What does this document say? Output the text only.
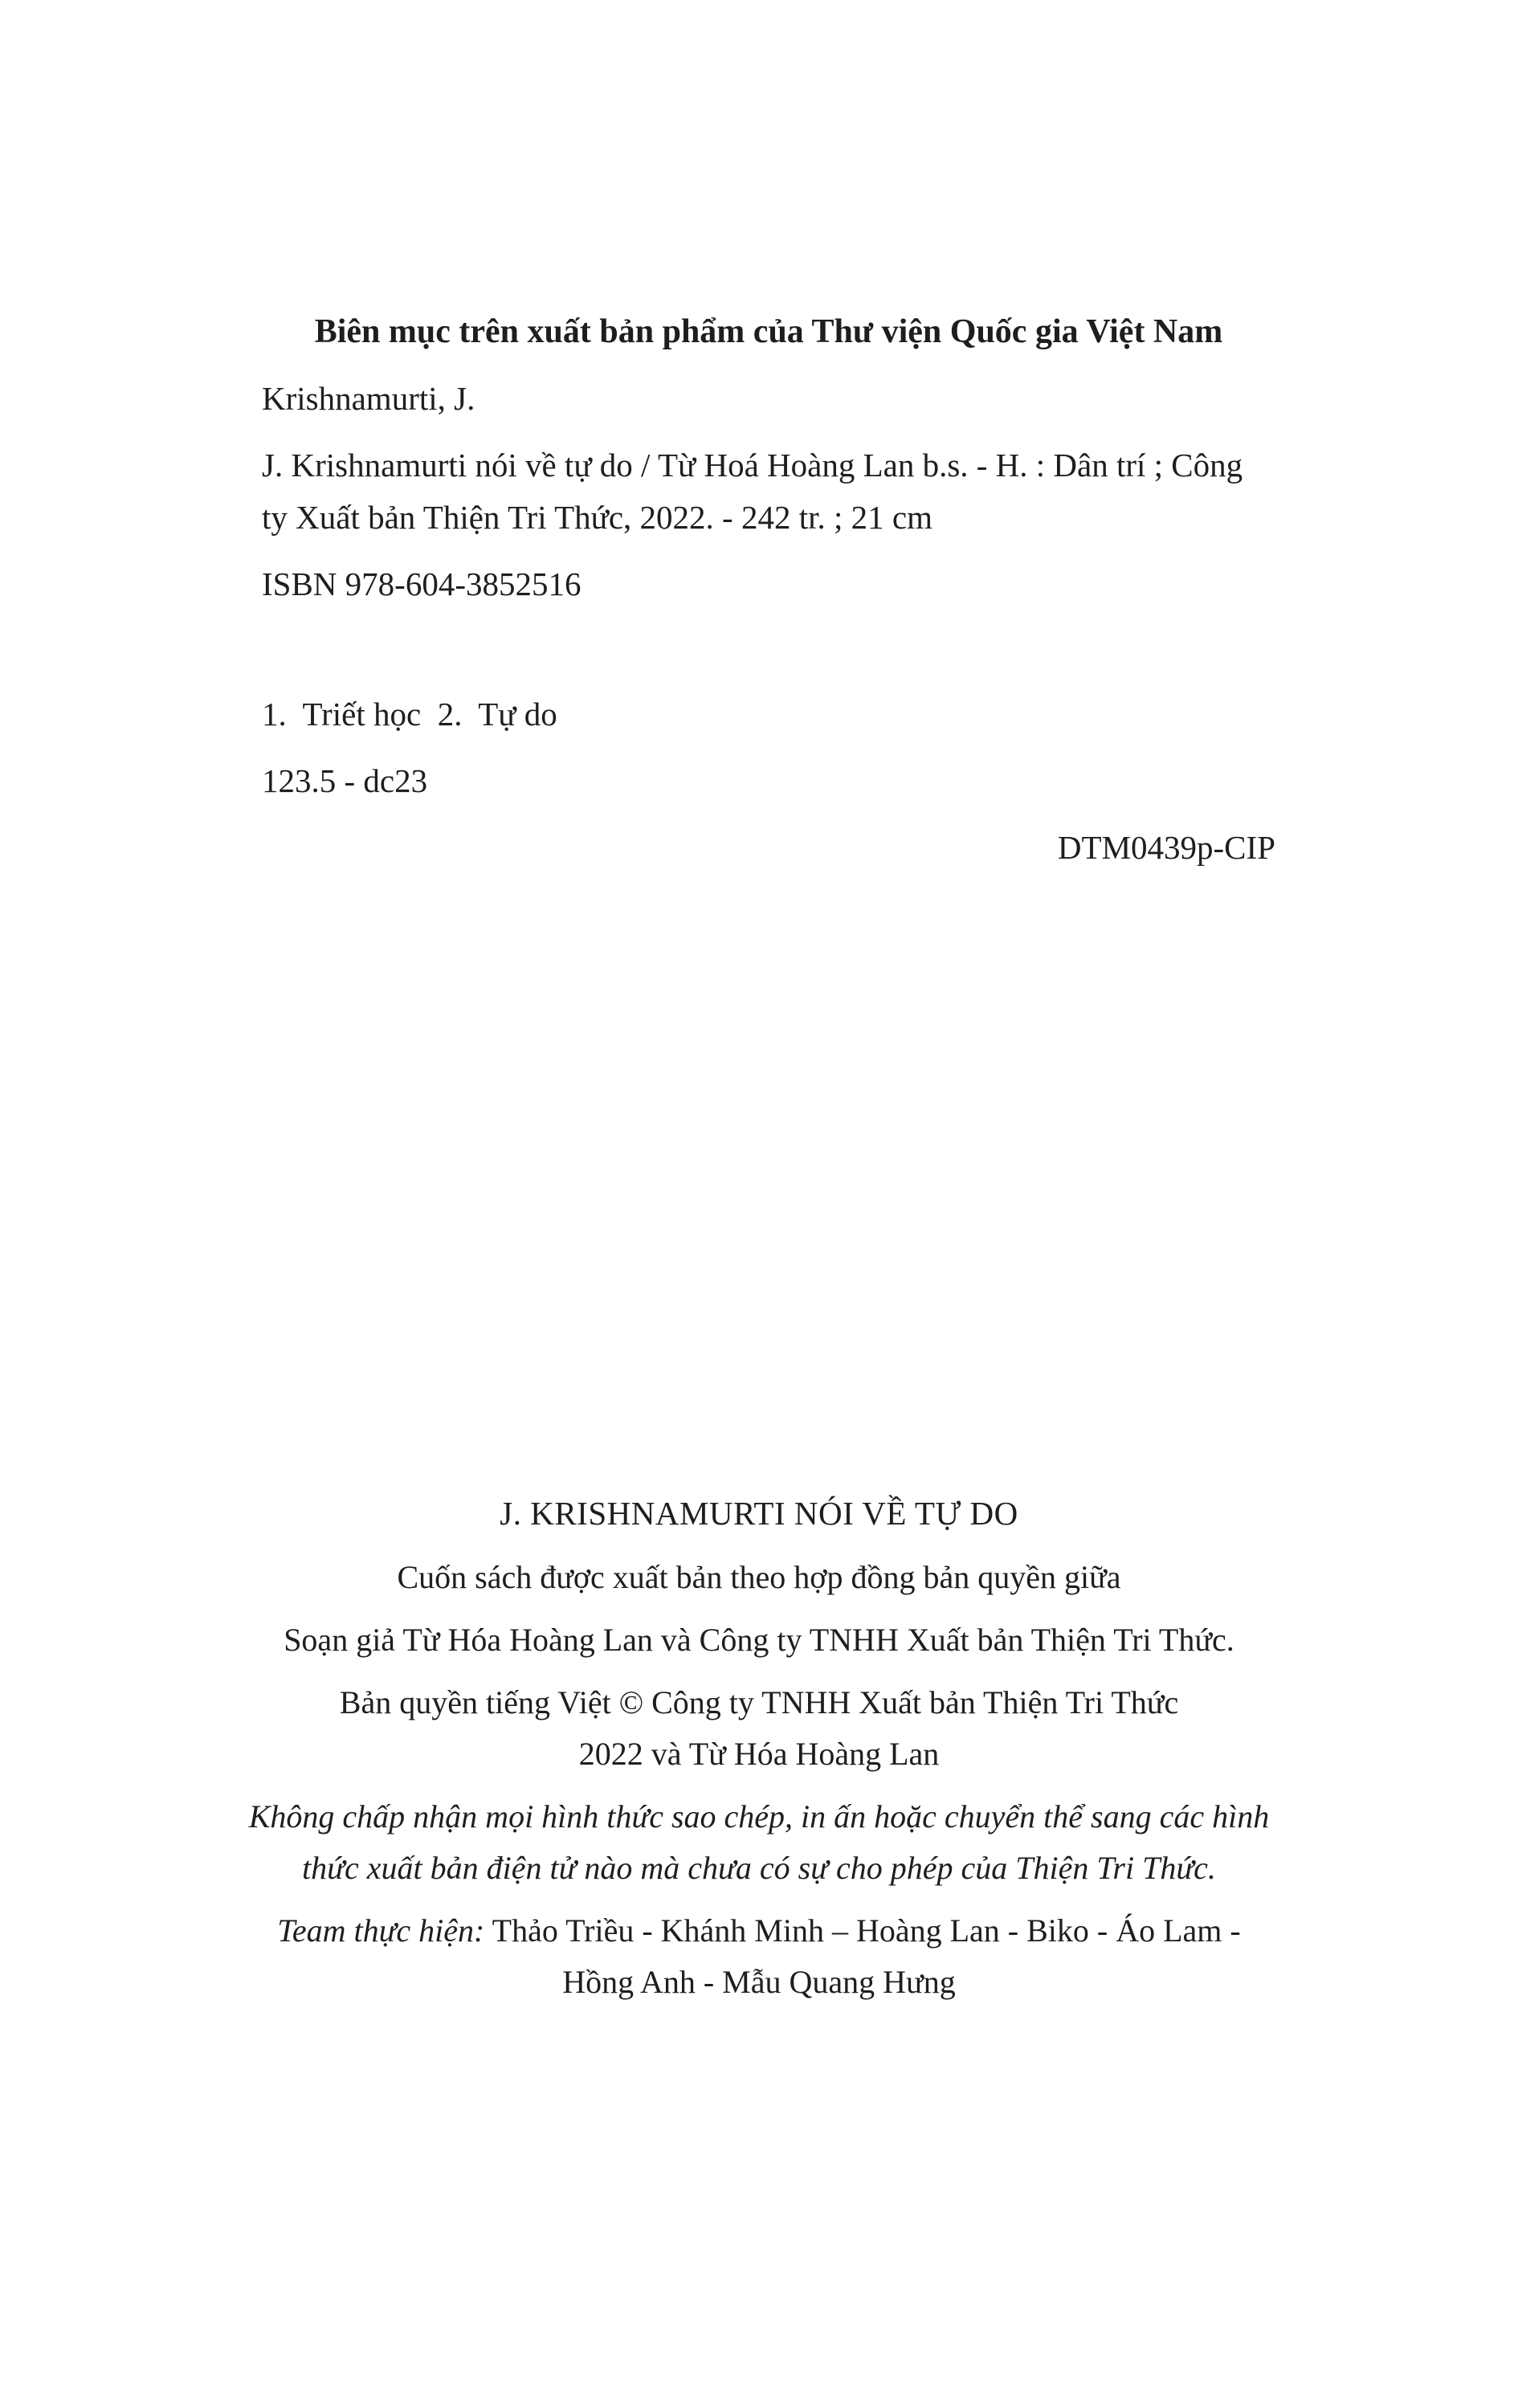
Biên mục trên xuất bản phẩm của Thư viện Quốc gia Việt Nam

Krishnamurti, J.

J. Krishnamurti nói về tự do / Từ Hoá Hoàng Lan b.s. - H. : Dân trí ; Công ty Xuất bản Thiện Tri Thức, 2022. - 242 tr. ; 21 cm

ISBN 978-604-3852516

1.  Triết học  2.  Tự do

123.5 - dc23

DTM0439p-CIP

J. KRISHNAMURTI NÓI VỀ TỰ DO

Cuốn sách được xuất bản theo hợp đồng bản quyền giữa

Soạn giả Từ Hóa Hoàng Lan và Công ty TNHH Xuất bản Thiện Tri Thức.

Bản quyền tiếng Việt © Công ty TNHH Xuất bản Thiện Tri Thức 2022 và Từ Hóa Hoàng Lan

Không chấp nhận mọi hình thức sao chép, in ấn hoặc chuyển thể sang các hình thức xuất bản điện tử nào mà chưa có sự cho phép của Thiện Tri Thức.

Team thực hiện: Thảo Triều - Khánh Minh – Hoàng Lan - Biko - Áo Lam - Hồng Anh - Mẫu Quang Hưng
